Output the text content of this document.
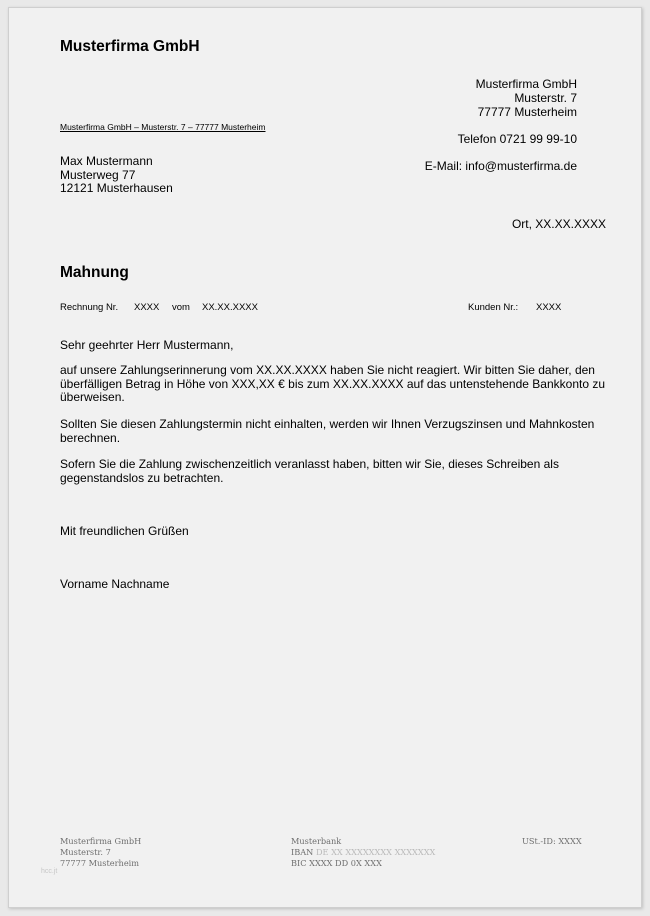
Musterfirma GmbH
Musterfirma GmbH
Musterstr. 7
77777 Musterheim
Musterfirma GmbH – Musterstr. 7 – 77777 Musterheim
Telefon 0721 99 99-10
E-Mail: info@musterfirma.de
Max Mustermann
Musterweg 77
12121 Musterhausen
Ort, XX.XX.XXXX
Mahnung
Rechnung Nr. XXXX vom XX.XX.XXXX	Kunden Nr.: XXXX
Sehr geehrter Herr Mustermann,
auf unsere Zahlungserinnerung vom XX.XX.XXXX haben Sie nicht reagiert. Wir bitten Sie daher, den überfälligen Betrag in Höhe von XXX,XX € bis zum XX.XX.XXXX auf das untenstehende Bankkonto zu überweisen.
Sollten Sie diesen Zahlungstermin nicht einhalten, werden wir Ihnen Verzugszinsen und Mahnkosten berechnen.
Sofern Sie die Zahlung zwischenzeitlich veranlasst haben, bitten wir Sie, dieses Schreiben als gegenstandslos zu betrachten.
Mit freundlichen Grüßen
Vorname Nachname
Musterfirma GmbH
Musterstr. 7
77777 Musterheim
Musterbank
IBAN DE XX XXXXXXXX XXXXXXX
BIC XXXX DD 0X XXX
USt.-ID: XXXX
hcc.jt
